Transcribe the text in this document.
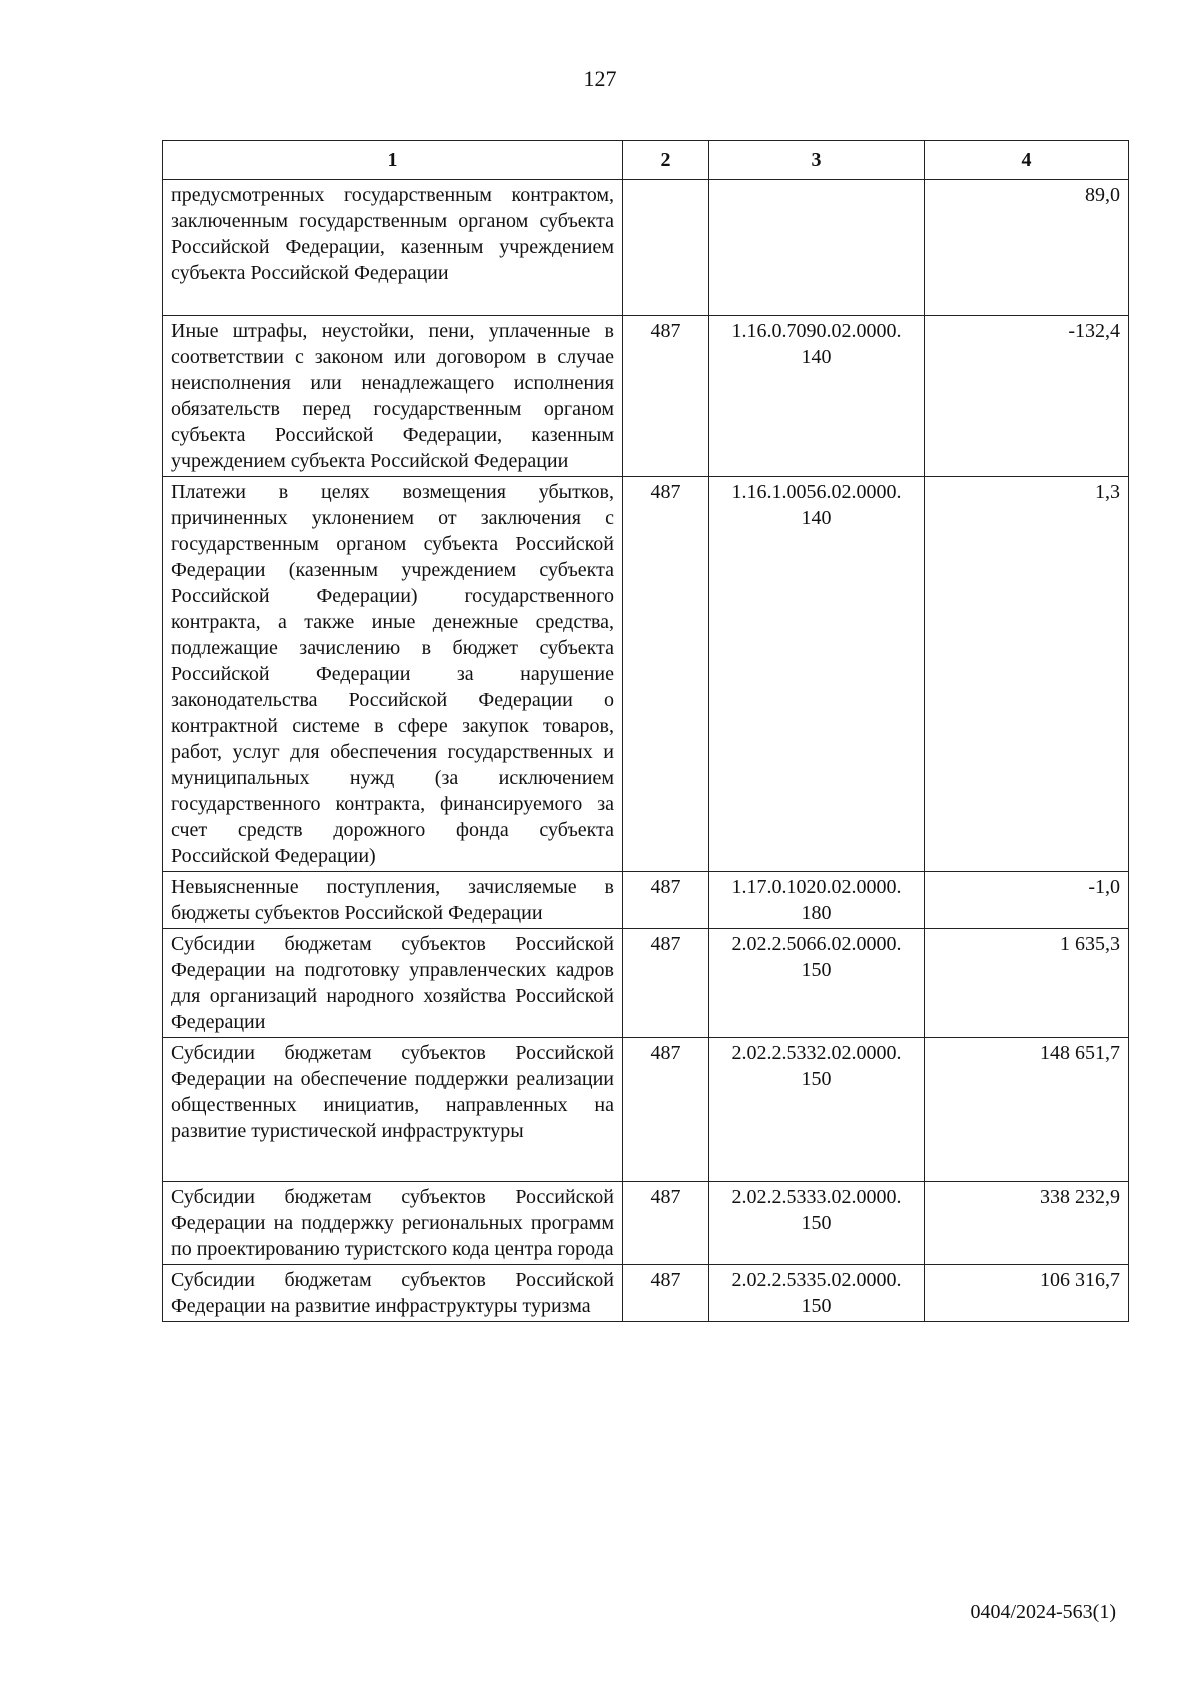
127
1	2	3	4
предусмотренных государственным контрактом, заключенным государственным органом субъекта Российской Федерации, казенным учреждением субъекта Российской Федерации			89,0
Иные штрафы, неустойки, пени, уплаченные в соответствии с законом или договором в случае неисполнения или ненадлежащего исполнения обязательств перед государственным органом субъекта Российской Федерации, казенным учреждением субъекта Российской Федерации	487	1.16.0.7090.02.0000. 140	-132,4
Платежи в целях возмещения убытков, причиненных уклонением от заключения с государственным органом субъекта Российской Федерации (казенным учреждением субъекта Российской Федерации) государственного контракта, а также иные денежные средства, подлежащие зачислению в бюджет субъекта Российской Федерации за нарушение законодательства Российской Федерации о контрактной системе в сфере закупок товаров, работ, услуг для обеспечения государственных и муниципальных нужд (за исключением государственного контракта, финансируемого за счет средств дорожного фонда субъекта Российской Федерации)	487	1.16.1.0056.02.0000. 140	1,3
Невыясненные поступления, зачисляемые в бюджеты субъектов Российской Федерации	487	1.17.0.1020.02.0000. 180	-1,0
Субсидии бюджетам субъектов Российской Федерации на подготовку управленческих кадров для организаций народного хозяйства Российской Федерации	487	2.02.2.5066.02.0000. 150	1 635,3
Субсидии бюджетам субъектов Российской Федерации на обеспечение поддержки реализации общественных инициатив, направленных на развитие туристической инфраструктуры	487	2.02.2.5332.02.0000. 150	148 651,7
Субсидии бюджетам субъектов Российской Федерации на поддержку региональных программ по проектированию туристского кода центра города	487	2.02.2.5333.02.0000. 150	338 232,9
Субсидии бюджетам субъектов Российской Федерации на развитие инфраструктуры туризма	487	2.02.2.5335.02.0000. 150	106 316,7
0404/2024-563(1)
